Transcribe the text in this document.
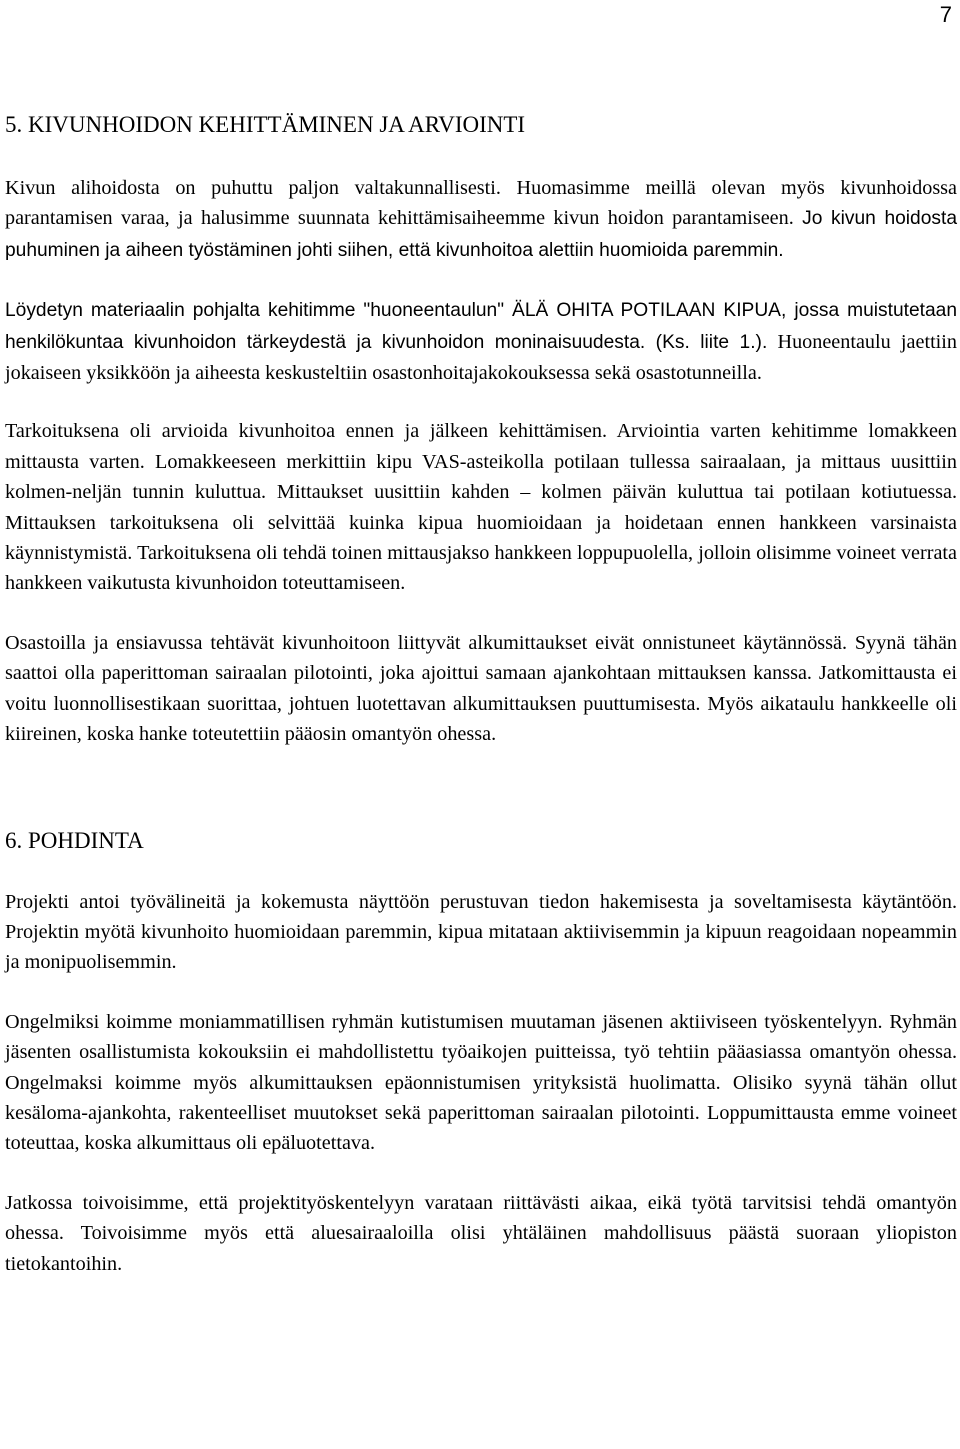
7
5. KIVUNHOIDON KEHITTÄMINEN JA ARVIOINTI

Kivun alihoidosta on puhuttu paljon valtakunnallisesti. Huomasimme meillä olevan myös kivunhoidossa parantamisen varaa, ja halusimme suunnata kehittämisaiheemme kivun hoidon parantamiseen. Jo kivun hoidosta puhuminen ja aiheen työstäminen johti siihen, että kivunhoitoa alettiin huomioida paremmin.

Löydetyn materiaalin pohjalta kehitimme "huoneentaulun" ÄLÄ OHITA POTILAAN KIPUA, jossa muistutetaan henkilökuntaa kivunhoidon tärkeydestä ja kivunhoidon moninaisuudesta. (Ks. liite 1.). Huoneentaulu jaettiin jokaiseen yksikköön ja aiheesta keskusteltiin osastonhoitajakokouksessa sekä osastotunneilla.

Tarkoituksena oli arvioida kivunhoitoa ennen ja jälkeen kehittämisen. Arviointia varten kehitimme lomakkeen mittausta varten. Lomakkeeseen merkittiin kipu VAS-asteikolla potilaan tullessa sairaalaan, ja mittaus uusittiin kolmen-neljän tunnin kuluttua. Mittaukset uusittiin kahden – kolmen päivän kuluttua tai potilaan kotiutuessa. Mittauksen tarkoituksena oli selvittää kuinka kipua huomioidaan ja hoidetaan ennen hankkeen varsinaista käynnistymistä. Tarkoituksena oli tehdä toinen mittausjakso hankkeen loppupuolella, jolloin olisimme voineet verrata hankkeen vaikutusta kivunhoidon toteuttamiseen.

Osastoilla ja ensiavussa tehtävät kivunhoitoon liittyvät alkumittaukset eivät onnistuneet käytännössä. Syynä tähän saattoi olla paperittoman sairaalan pilotointi, joka ajoittui samaan ajankohtaan mittauksen kanssa. Jatkomittausta ei voitu luonnollisestikaan suorittaa, johtuen luotettavan alkumittauksen puuttumisesta. Myös aikataulu hankkeelle oli kiireinen, koska hanke toteutettiin pääosin omantyön ohessa.

6. POHDINTA

Projekti antoi työvälineitä ja kokemusta näyttöön perustuvan tiedon hakemisesta ja soveltamisesta käytäntöön. Projektin myötä kivunhoito huomioidaan paremmin, kipua mitataan aktiivisemmin ja kipuun reagoidaan nopeammin ja monipuolisemmin.

Ongelmiksi koimme moniammatillisen ryhmän kutistumisen muutaman jäsenen aktiiviseen työskentelyyn. Ryhmän jäsenten osallistumista kokouksiin ei mahdollistettu työaikojen puitteissa, työ tehtiin pääasiassa omantyön ohessa. Ongelmaksi koimme myös alkumittauksen epäonnistumisen yrityksistä huolimatta. Olisiko syynä tähän ollut kesäloma-ajankohta, rakenteelliset muutokset sekä paperittoman sairaalan pilotointi. Loppumittausta emme voineet toteuttaa, koska alkumittaus oli epäluotettava.

Jatkossa toivoisimme, että projektityöskentelyyn varataan riittävästi aikaa, eikä työtä tarvitsisi tehdä omantyön ohessa. Toivoisimme myös että aluesairaaloilla olisi yhtäläinen mahdollisuus päästä suoraan yliopiston tietokantoihin.
